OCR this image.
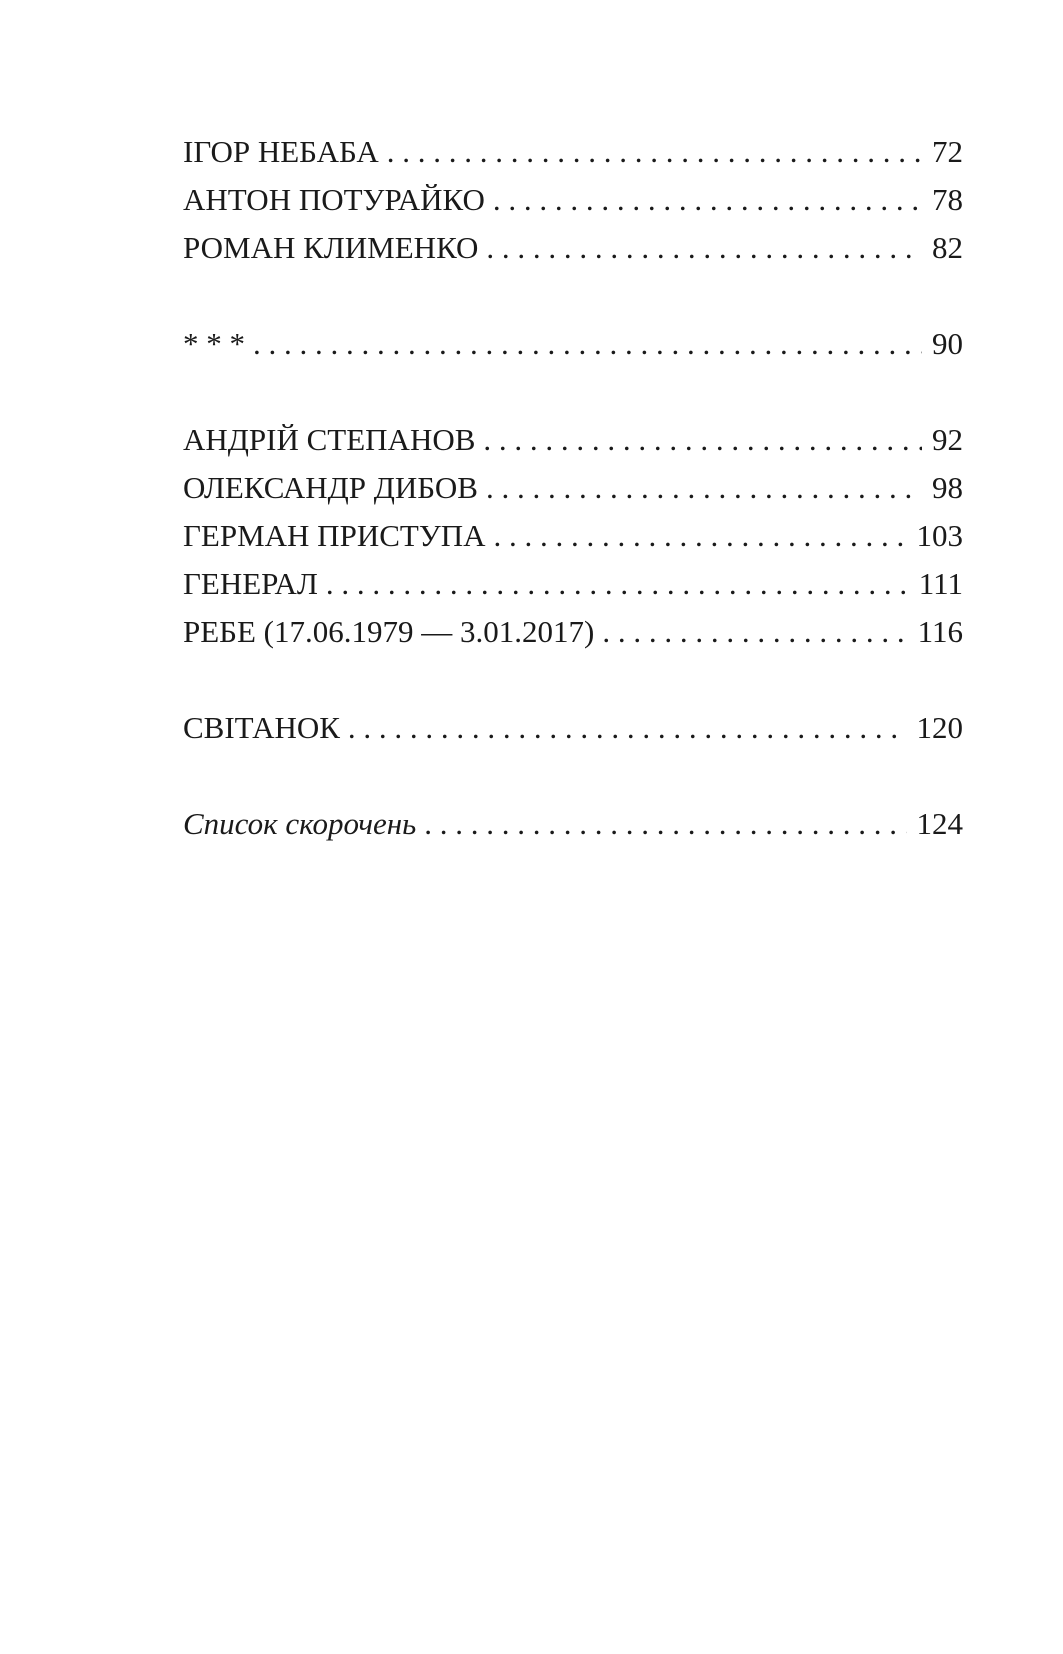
ІГОР НЕБАБА . . .	72
АНТОН ПОТУРАЙКО . . .	78
РОМАН КЛИМЕНКО . . .	82
* * * . . .	90
АНДРІЙ СТЕПАНОВ . . .	92
ОЛЕКСАНДР ДИБОВ . . .	98
ГЕРМАН ПРИСТУПА . . .	103
ГЕНЕРАЛ . . .	111
РЕБЕ (17.06.1979 — 3.01.2017) . . .	116
СВІТАНОК . . .	120
Список скорочень . . .	124
